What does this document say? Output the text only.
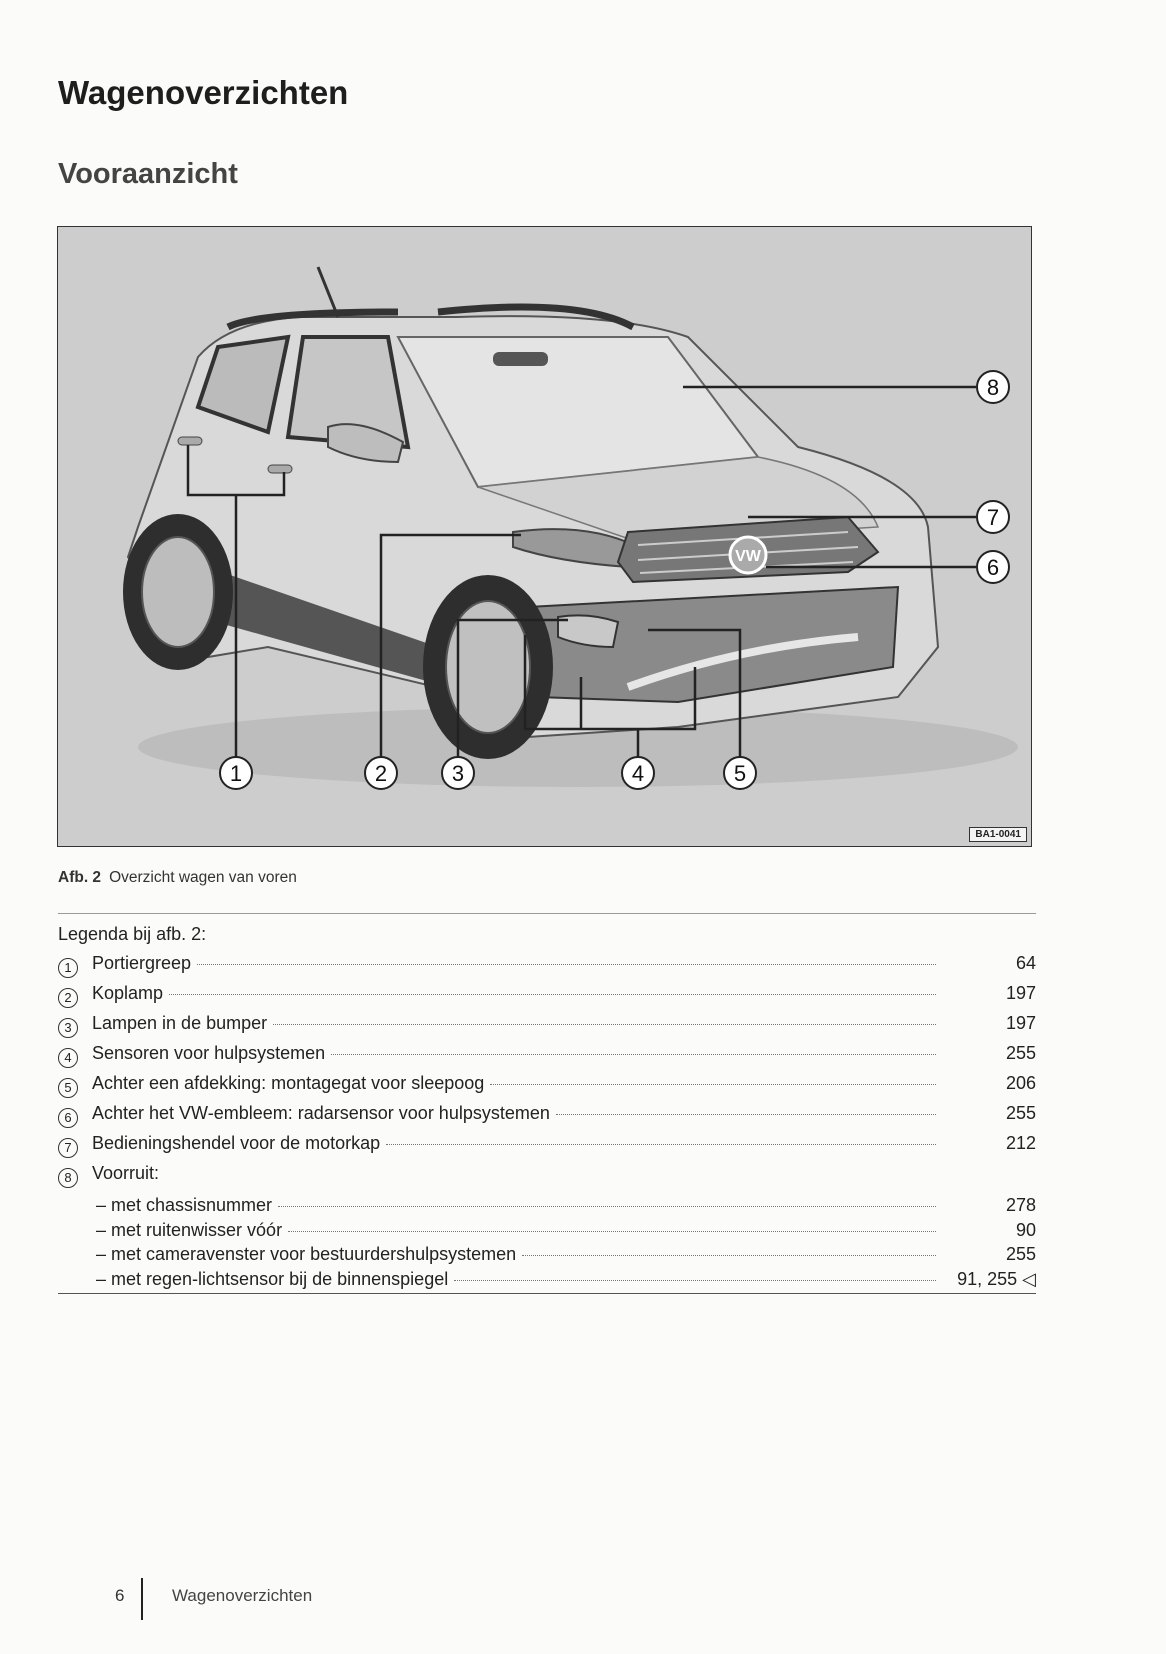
Wagenoverzichten
Vooraanzicht
VW
1	2	3	4	5
6
7
8
BA1-0041
Afb. 2 Overzicht wagen van voren
Legenda bij afb. 2:
1	Portiergreep	64
2	Koplamp	197
3	Lampen in de bumper	197
4	Sensoren voor hulpsystemen	255
5	Achter een afdekking: montagegat voor sleepoog	206
6	Achter het VW-embleem: radarsensor voor hulpsystemen	255
7	Bedieningshendel voor de motorkap	212
8	Voorruit:
– met chassisnummer	278
– met ruitenwisser vóór	90
– met cameravenster voor bestuurdershulpsystemen	255
– met regen-lichtsensor bij de binnenspiegel	91, 255 ◁
6	Wagenoverzichten
